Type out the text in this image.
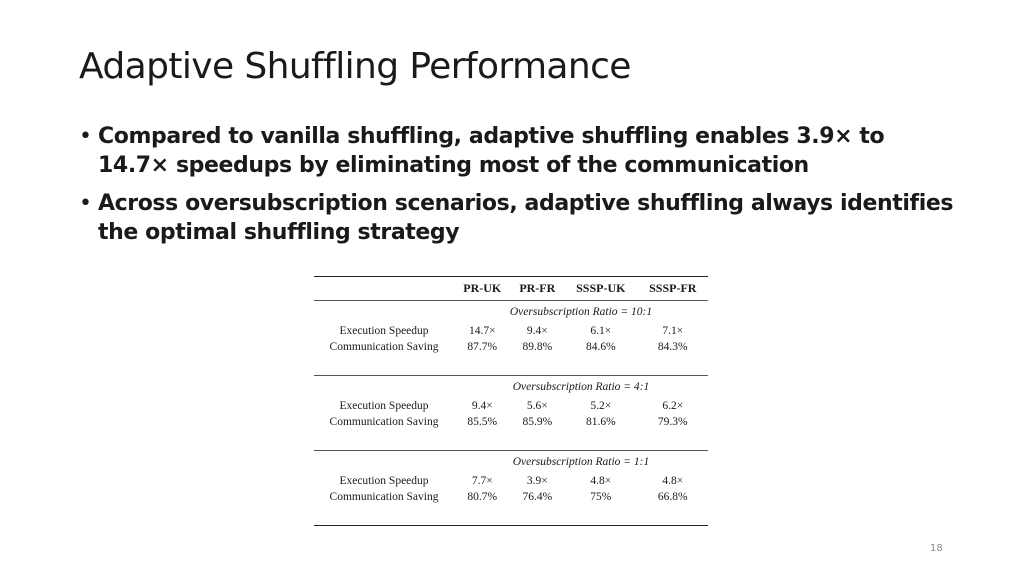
Adaptive Shuffling Performance
• Compared to vanilla shuffling, adaptive shuffling enables 3.9× to 14.7× speedups by eliminating most of the communication
• Across oversubscription scenarios, adaptive shuffling always identifies the optimal shuffling strategy
	PR-UK	PR-FR	SSSP-UK	SSSP-FR
Oversubscription Ratio = 10:1				
Execution Speedup	14.7×	9.4×	6.1×	7.1×
Communication Saving	87.7%	89.8%	84.6%	84.3%

Oversubscription Ratio = 4:1				
Execution Speedup	9.4×	5.6×	5.2×	6.2×
Communication Saving	85.5%	85.9%	81.6%	79.3%

Oversubscription Ratio = 1:1				
Execution Speedup	7.7×	3.9×	4.8×	4.8×
Communication Saving	80.7%	76.4%	75%	66.8%

18
